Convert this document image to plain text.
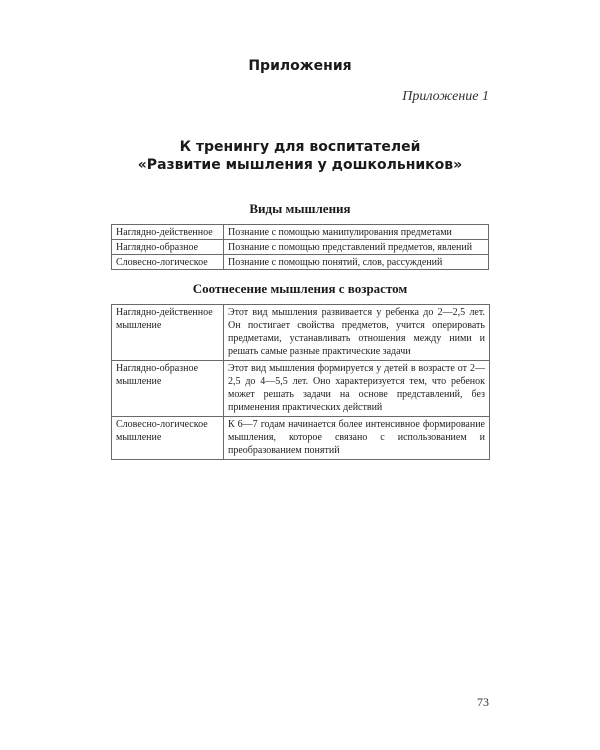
Приложения
Приложение 1
К тренингу для воспитателей
«Развитие мышления у дошкольников»
Виды мышления
Наглядно-действенное	Познание с помощью манипулирования предметами
Наглядно-образное	Познание с помощью представлений предметов, явлений
Словесно-логическое	Познание с помощью понятий, слов, рассуждений
Соотнесение мышления с возрастом
Наглядно-действенное мышление	Этот вид мышления развивается у ребенка до 2—2,5 лет. Он постигает свойства предметов, учится оперировать предметами, устанавливать отношения между ними и решать самые разные практические задачи
Наглядно-образное мышление	Этот вид мышления формируется у детей в возрасте от 2—2,5 до 4—5,5 лет. Оно характеризуется тем, что ребенок может решать задачи на основе представлений, без применения практических действий
Словесно-логическое мышление	К 6—7 годам начинается более интенсивное формирование мышления, которое связано с использованием и преобразованием понятий
73
